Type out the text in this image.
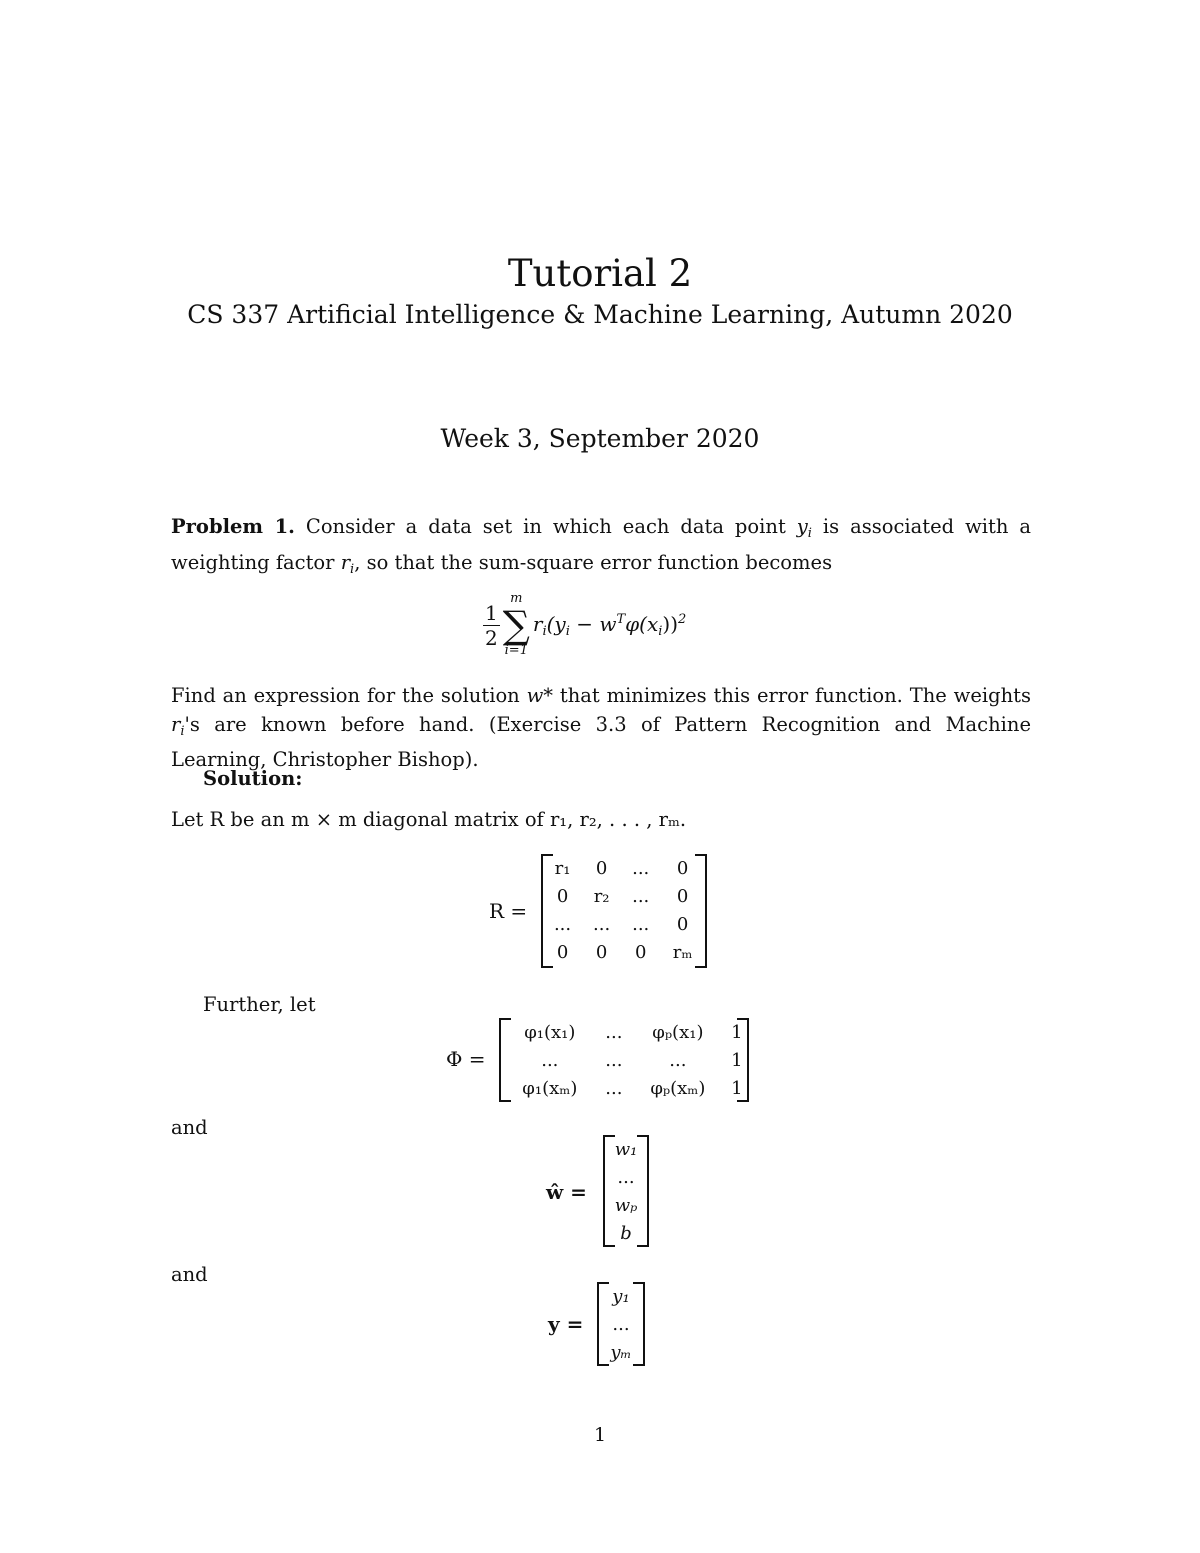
Tutorial 2
CS 337 Artificial Intelligence & Machine Learning, Autumn 2020
Week 3, September 2020
Problem 1. Consider a data set in which each data point $y_i$ is associated with a weighting factor $r_i$, so that the sum-square error function becomes
$\frac{1}{2}$
m
∑
i=1
$r_i(y_i - w^T\varphi(x_i))^2$
Find an expression for the solution w* that minimizes this error function. The weights $r_i's$ are known before hand. (Exercise 3.3 of Pattern Recognition and Machine Learning, Christopher Bishop).
Solution:
Let R be an m × m diagonal matrix of r₁, r₂, . . . , rₘ.
R =
r₁	0	...	0
0	r₂	...	0
...	...	...	0
0	0	0	rₘ
Further, let
Φ =
φ₁(x₁)	...	φₚ(x₁)	1
...	...	...	1
φ₁(xₘ)	...	φₚ(xₘ)	1
and
ŵ =
w₁
...
wₚ
b
and
y =
y₁
...
yₘ
1
